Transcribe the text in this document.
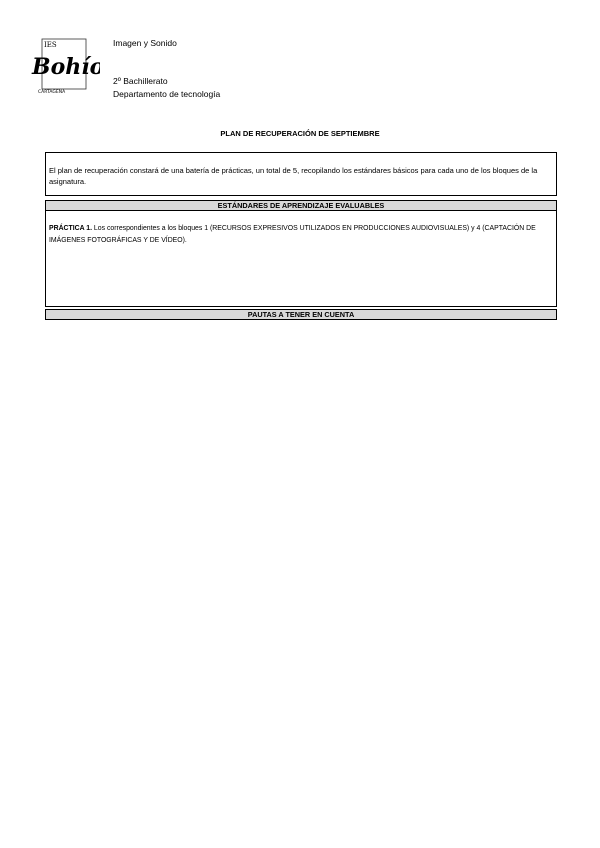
IES
Bohío
CARTAGENA
Imagen y Sonido
2º Bachillerato
Departamento de tecnología
PLAN DE RECUPERACIÓN DE SEPTIEMBRE
El plan de recuperación constará de una batería de prácticas, un total de 5, recopilando los estándares básicos para cada uno de los bloques de la asignatura.
ESTÁNDARES DE APRENDIZAJE EVALUABLES
PRÁCTICA 1. Los correspondientes a los bloques 1 (RECURSOS EXPRESIVOS UTILIZADOS EN PRODUCCIONES AUDIOVISUALES) y 4 (CAPTACIÓN DE IMÁGENES FOTOGRÁFICAS Y DE VÍDEO).
PAUTAS A TENER EN CUENTA
